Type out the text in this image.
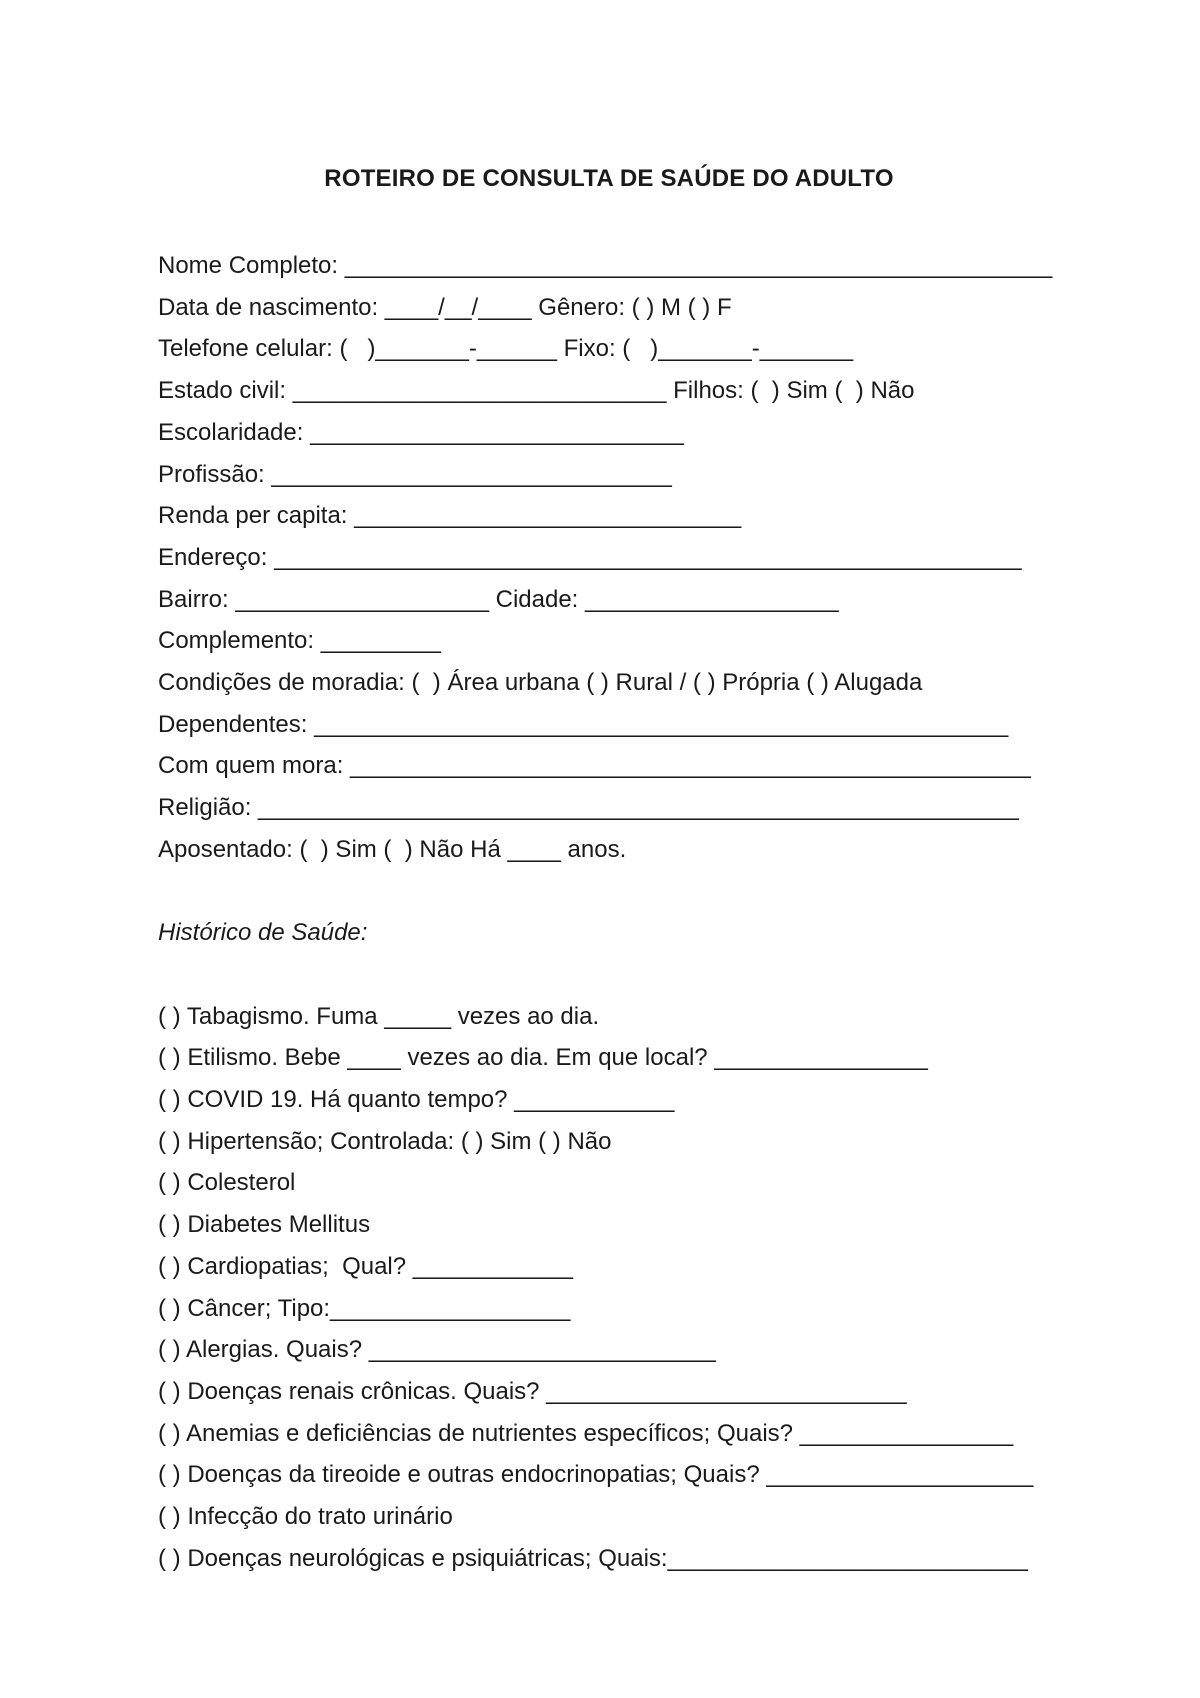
ROTEIRO DE CONSULTA DE SAÚDE DO ADULTO

Nome Completo: _____________________________________________________

Data de nascimento: ____/__/____ Gênero: ( ) M ( ) F

Telefone celular: (   )_______-______ Fixo: (   )_______-_______

Estado civil: ____________________________ Filhos: (  ) Sim (  ) Não

Escolaridade: ____________________________

Profissão: ______________________________

Renda per capita: _____________________________

Endereço: ________________________________________________________

Bairro: ___________________ Cidade: ___________________

Complemento: _________

Condições de moradia: (  ) Área urbana ( ) Rural / ( ) Própria ( ) Alugada

Dependentes: ____________________________________________________

Com quem mora: ___________________________________________________

Religião: _________________________________________________________

Aposentado: (  ) Sim (  ) Não Há ____ anos.

Histórico de Saúde:

( ) Tabagismo. Fuma _____ vezes ao dia.

( ) Etilismo. Bebe ____ vezes ao dia. Em que local? ________________

( ) COVID 19. Há quanto tempo? ____________

( ) Hipertensão; Controlada: ( ) Sim ( ) Não

( ) Colesterol

( ) Diabetes Mellitus

( ) Cardiopatias;  Qual? ____________

( ) Câncer; Tipo:__________________

( ) Alergias. Quais? __________________________

( ) Doenças renais crônicas. Quais? ___________________________

( ) Anemias e deficiências de nutrientes específicos; Quais? ________________

( ) Doenças da tireoide e outras endocrinopatias; Quais? ____________________

( ) Infecção do trato urinário

( ) Doenças neurológicas e psiquiátricas; Quais:___________________________
